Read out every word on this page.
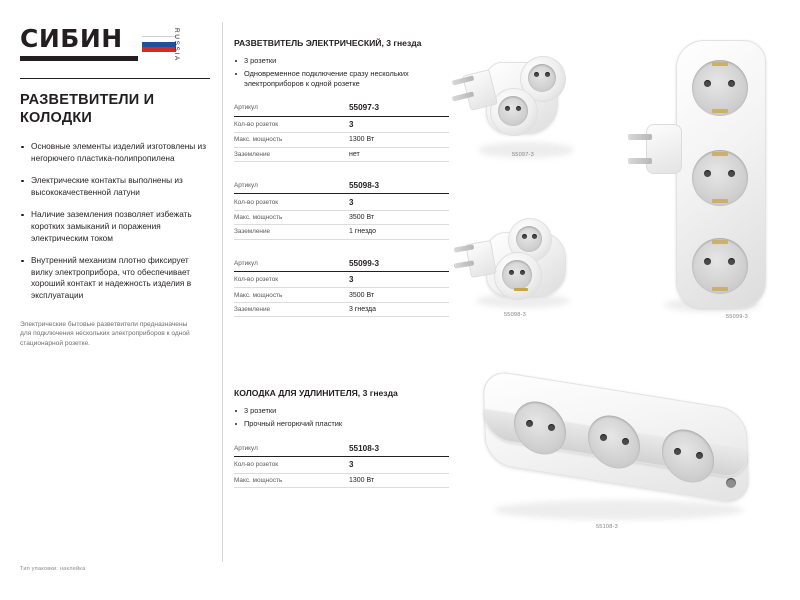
СИБИН	RUSSIA
РАЗВЕТВИТЕЛИ И КОЛОДКИ
Основные элементы изделий изготовлены из негорючего пластика-полипропилена
Электрические контакты выполнены из высококачественной латуни
Наличие заземления позволяет избежать коротких замыканий и поражения электрическим током
Внутренний механизм плотно фиксирует вилку электроприбора, что обеспечивает хороший контакт и надежность изделия в эксплуатации
Электрические бытовые разветвители предназначены для подключения нескольких электроприборов к одной стационарной розетке.
Тип упаковки: наклейка
РАЗВЕТВИТЕЛЬ ЭЛЕКТРИЧЕСКИЙ, 3 гнезда
3 розетки
Одновременное подключение сразу нескольких электроприборов к одной розетке
Артикул	55097-3
Кол-во розеток	3
Макс. мощность	1300 Вт
Заземление	нет
Артикул	55098-3
Кол-во розеток	3
Макс. мощность	3500 Вт
Заземление	1 гнездо
Артикул	55099-3
Кол-во розеток	3
Макс. мощность	3500 Вт
Заземление	3 гнезда
КОЛОДКА ДЛЯ УДЛИНИТЕЛЯ, 3 гнезда
3 розетки
Прочный негорючий пластик
Артикул	55108-3
Кол-во розеток	3
Макс. мощность	1300 Вт
55097-3
55098-3	55099-3
55108-3
